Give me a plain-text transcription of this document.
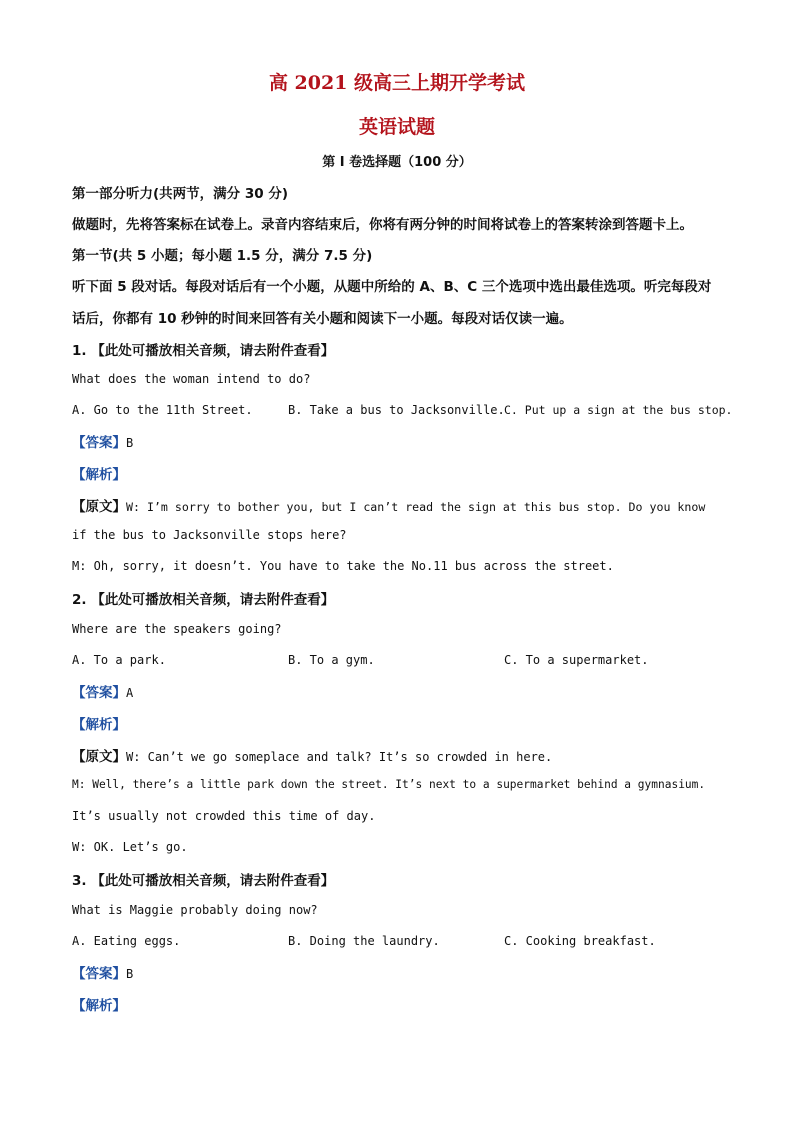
高 2021 级高三上期开学考试
英语试题
第 I 卷选择题（100 分）
第一部分听力(共两节，满分 30 分)
做题时，先将答案标在试卷上。录音内容结束后，你将有两分钟的时间将试卷上的答案转涂到答题卡上。
第一节(共 5 小题；每小题 1.5 分，满分 7.5 分)
听下面 5 段对话。每段对话后有一个小题，从题中所给的 A、B、C 三个选项中选出最佳选项。听完每段对
话后，你都有 10 秒钟的时间来回答有关小题和阅读下一小题。每段对话仅读一遍。
1. 【此处可播放相关音频，请去附件查看】
What does the woman intend to do?
A. Go to the 11th Street.	B. Take a bus to Jacksonville. C. Put up a sign at the bus stop.
【答案】B
【解析】
【原文】W: I’m sorry to bother you, but I can’t read the sign at this bus stop. Do you know
if the bus to Jacksonville stops here?
M: Oh, sorry, it doesn’t. You have to take the No.11 bus across the street.
2. 【此处可播放相关音频，请去附件查看】
Where are the speakers going?
A. To a park.	B. To a gym.	C. To a supermarket.
【答案】A
【解析】
【原文】W: Can’t we go someplace and talk? It’s so crowded in here.
M: Well, there’s a little park down the street. It’s next to a supermarket behind a gymnasium.
It’s usually not crowded this time of day.
W: OK. Let’s go.
3. 【此处可播放相关音频，请去附件查看】
What is Maggie probably doing now?
A. Eating eggs.	B. Doing the laundry.	C. Cooking breakfast.
【答案】B
【解析】
